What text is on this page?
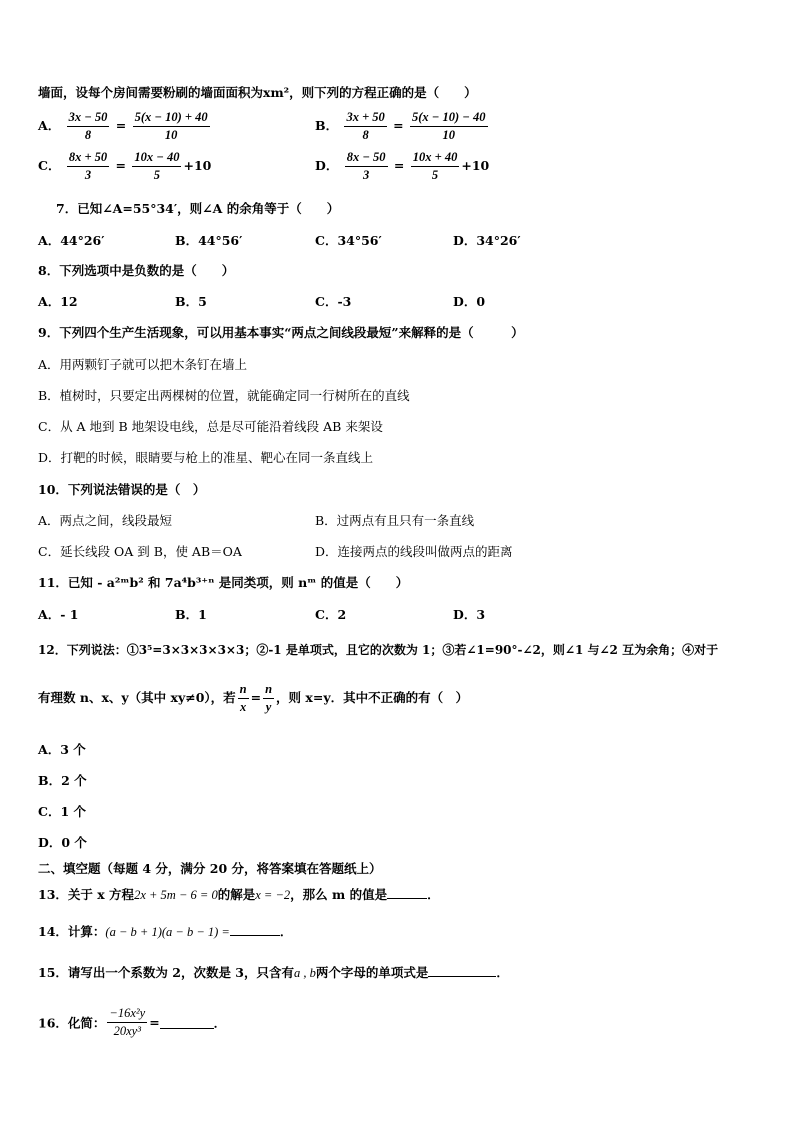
墙面，设每个房间需要粉刷的墙面面积为xm²，则下列的方程正确的是（　　）
A． $\frac{3x - 50}{8} = \frac{5(x - 10) + 40}{10}$	B． $\frac{3x + 50}{8} = \frac{5(x - 10) - 40}{10}$
C． $\frac{8x + 50}{3} = \frac{10x - 40}{5} +10$	D． $\frac{8x - 50}{3} = \frac{10x + 40}{5} +10$
7．已知∠A=55°34′，则∠A 的余角等于（　　）
A．44°26′	B．44°56′	C．34°56′	D．34°26′
8．下列选项中是负数的是（　　）
A．12	B．5	C．-3	D．0
9．下列四个生产生活现象，可以用基本事实“两点之间线段最短”来解释的是（　　　）
A．用两颗钉子就可以把木条钉在墙上
B．植树时，只要定出两棵树的位置，就能确定同一行树所在的直线
C．从 A 地到 B 地架设电线，总是尽可能沿着线段 AB 来架设
D．打靶的时候，眼睛要与枪上的准星、靶心在同一条直线上
10．下列说法错误的是（　）
A．两点之间，线段最短	B．过两点有且只有一条直线
C．延长线段 OA 到 B，使 AB＝OA	D．连接两点的线段叫做两点的距离
11．已知 - a²ᵐb² 和 7a⁴b³⁺ⁿ 是同类项，则 nᵐ 的值是（　　）
A．- 1	B．1	C．2	D．3
12．下列说法：①3⁵=3×3×3×3×3；②-1 是单项式，且它的次数为 1；③若∠1=90°-∠2，则∠1 与∠2 互为余角；④对于
有理数 n、x、y（其中 xy≠0），若 $\frac{n}{x} = \frac{n}{y}$ ，则 x=y．其中不正确的有（　）
A．3 个
B．2 个
C．1 个
D．0 个
二、填空题（每题 4 分，满分 20 分，将答案填在答题纸上）
13．关于 x 方程2x + 5m − 6 = 0的解是x = −2，那么 m 的值是	．
14．计算：(a − b + 1)(a − b − 1) =	．
15．请写出一个系数为 2，次数是 3，只含有a , b两个字母的单项式是	．
16．化简： $\frac{\text{−16x²y}}{\text{20xy³}}$ =	．
